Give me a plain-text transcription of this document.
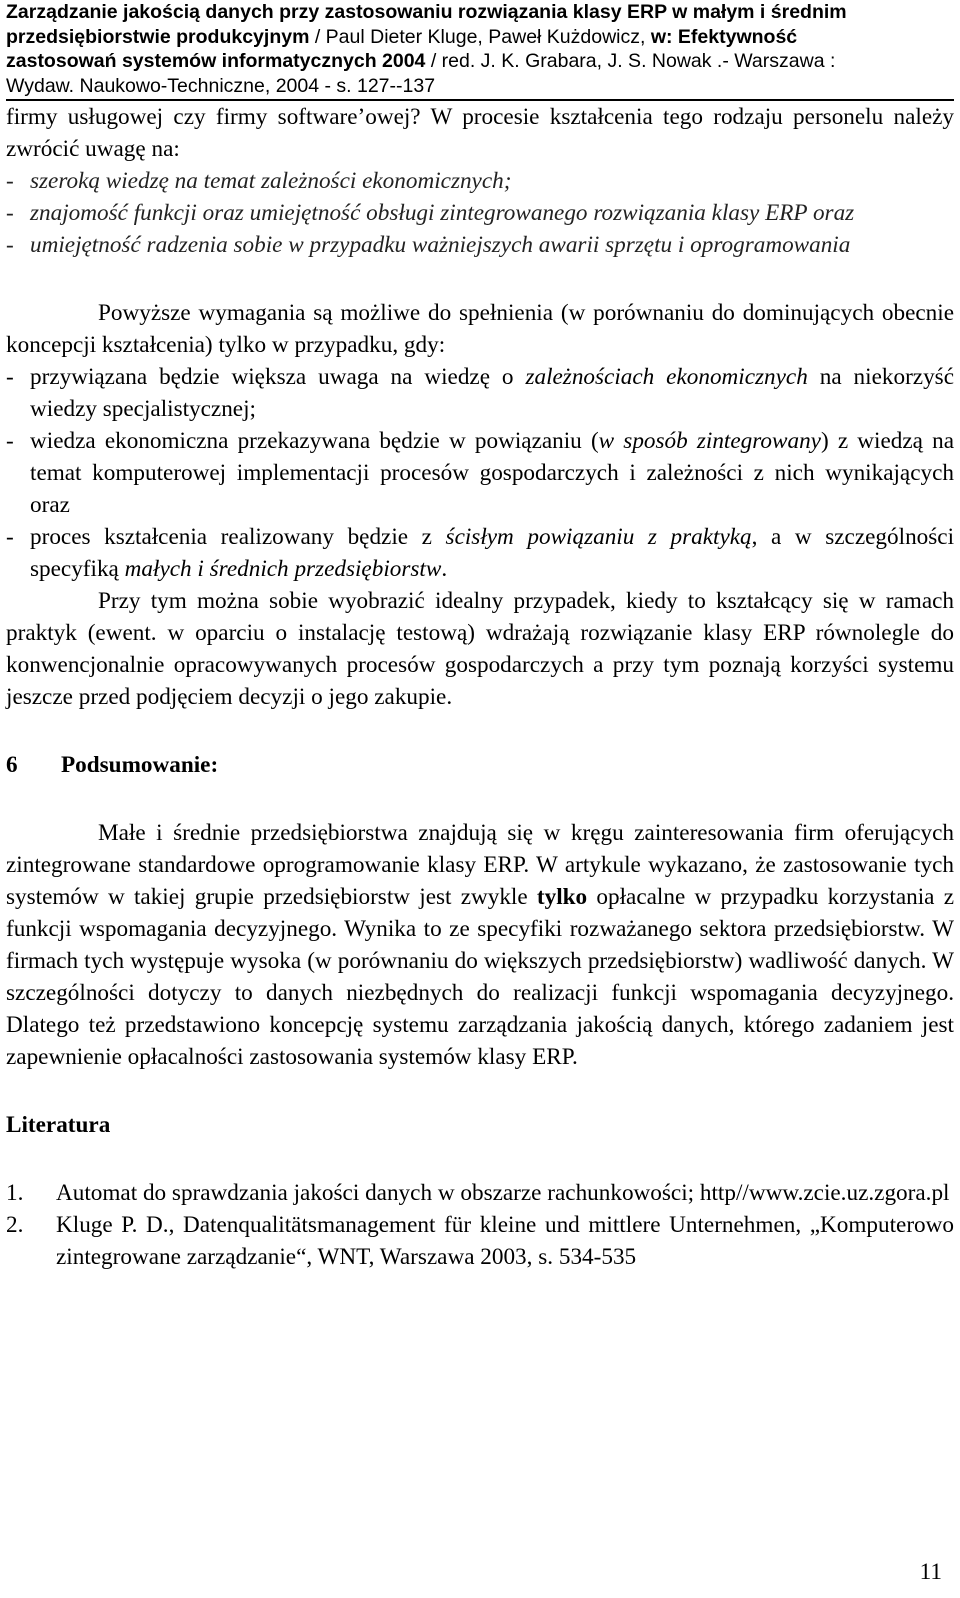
Zarządzanie jakością danych przy zastosowaniu rozwiązania klasy ERP w małym i średnim
przedsiębiorstwie produkcyjnym / Paul Dieter Kluge, Paweł Kużdowicz, w: Efektywność
zastosowań systemów informatycznych 2004 / red. J. K. Grabara, J. S. Nowak .- Warszawa :
Wydaw. Naukowo-Techniczne, 2004 - s. 127--137

firmy usługowej czy firmy software’owej? W procesie kształcenia tego rodzaju personelu należy zwrócić uwagę na:

- szeroką wiedzę na temat zależności ekonomicznych;
- znajomość funkcji oraz umiejętność obsługi zintegrowanego rozwiązania klasy ERP oraz
- umiejętność radzenia sobie w przypadku ważniejszych awarii sprzętu i oprogramowania

Powyższe wymagania są możliwe do spełnienia (w porównaniu do dominujących obecnie koncepcji kształcenia) tylko w przypadku, gdy:

- przywiązana będzie większa uwaga na wiedzę o zależnościach ekonomicznych na niekorzyść wiedzy specjalistycznej;
- wiedza ekonomiczna przekazywana będzie w powiązaniu (w sposób zintegrowany) z wiedzą na temat komputerowej implementacji procesów gospodarczych i zależności z nich wynikających oraz
- proces kształcenia realizowany będzie z ścisłym powiązaniu z praktyką, a w szczególności specyfiką małych i średnich przedsiębiorstw.

Przy tym można sobie wyobrazić idealny przypadek, kiedy to kształcący się w ramach praktyk (ewent. w oparciu o instalację testową) wdrażają rozwiązanie klasy ERP równolegle do konwencjonalnie opracowywanych procesów gospodarczych a przy tym poznają korzyści systemu jeszcze przed podjęciem decyzji o jego zakupie.

6	Podsumowanie:

Małe i średnie przedsiębiorstwa znajdują się w kręgu zainteresowania firm oferujących zintegrowane standardowe oprogramowanie klasy ERP. W artykule wykazano, że zastosowanie tych systemów w takiej grupie przedsiębiorstw jest zwykle tylko opłacalne w przypadku korzystania z funkcji wspomagania decyzyjnego. Wynika to ze specyfiki rozważanego sektora przedsiębiorstw. W firmach tych występuje wysoka (w porównaniu do większych przedsiębiorstw) wadliwość danych. W szczególności dotyczy to danych niezbędnych do realizacji funkcji wspomagania decyzyjnego. Dlatego też przedstawiono koncepcję systemu zarządzania jakością danych, którego zadaniem jest zapewnienie opłacalności zastosowania systemów klasy ERP.

Literatura

1.	Automat do sprawdzania jakości danych w obszarze rachunkowości; http//www.zcie.uz.zgora.pl
2.	Kluge P. D., Datenqualitätsmanagement für kleine und mittlere Unternehmen, „Komputerowo zintegrowane zarządzanie“, WNT, Warszawa 2003, s. 534-535
11
